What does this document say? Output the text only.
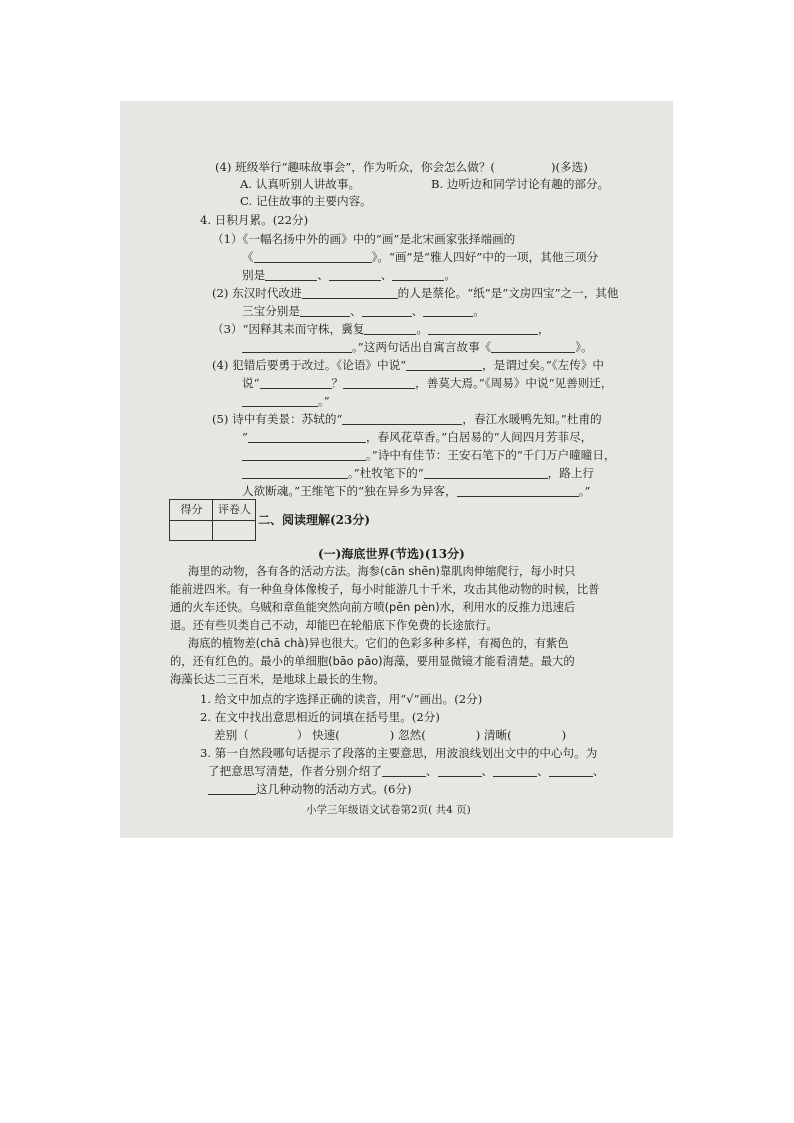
(4) 班级举行“趣味故事会”，作为听众，你会怎么做？(	)(多选)
A. 认真听别人讲故事。	B. 边听边和同学讨论有趣的部分。
C. 记住故事的主要内容。
4. 日积月累。(22分)
（1）《一幅名扬中外的画》中的“画”是北宋画家张择端画的
《	》。“画”是“雅人四好”中的一项，其他三项分
别是	、	、	。
(2) 东汉时代改进	的人是蔡伦。“纸”是“文房四宝”之一，其他
三宝分别是	、	、	。
（3）“因释其耒而守株，冀复	。	，
。”这两句话出自寓言故事《	》。
(4) 犯错后要勇于改过。《论语》中说“	，是谓过矣。”《左传》中
说“	？	，善莫大焉。”《周易》中说“见善则迁，
。”
(5) 诗中有美景：苏轼的“	，春江水暖鸭先知。”杜甫的
“	，春风花草香。”白居易的“人间四月芳菲尽，
。”诗中有佳节：王安石笔下的“千门万户曈曈日，
。”杜牧笔下的“	，路上行
人欲断魂。”王维笔下的“独在异乡为异客，	。”
得分	评卷人
二、阅读理解(23分)
(一)海底世界(节选)(13分)
海里的动物，各有各的活动方法。海参(cān shēn)靠肌肉伸缩爬行，每小时只
能前进四米。有一种鱼身体像梭子，每小时能游几十千米，攻击其他动物的时候，比普
通的火车还快。乌贼和章鱼能突然向前方喷(pēn pèn)水，利用水的反推力迅速后
退。还有些贝类自己不动，却能巴在轮船底下作免费的长途旅行。
海底的植物差(chā chà)异也很大。它们的色彩多种多样，有褐色的，有紫色
的，还有红色的。最小的单细胞(bāo pāo)海藻，要用显微镜才能看清楚。最大的
海藻长达二三百米，是地球上最长的生物。
1. 给文中加点的字选择正确的读音，用“√”画出。(2分)
2. 在文中找出意思相近的词填在括号里。(2分)
差别（	） 快速(	) 忽然(	) 清晰(	)
3. 第一自然段哪句话提示了段落的主要意思，用波浪线划出文中的中心句。为
了把意思写清楚，作者分别介绍了	、	、	、	、
这几种动物的活动方式。(6分)
小学三年级语文试卷第2页( 共4 页)
